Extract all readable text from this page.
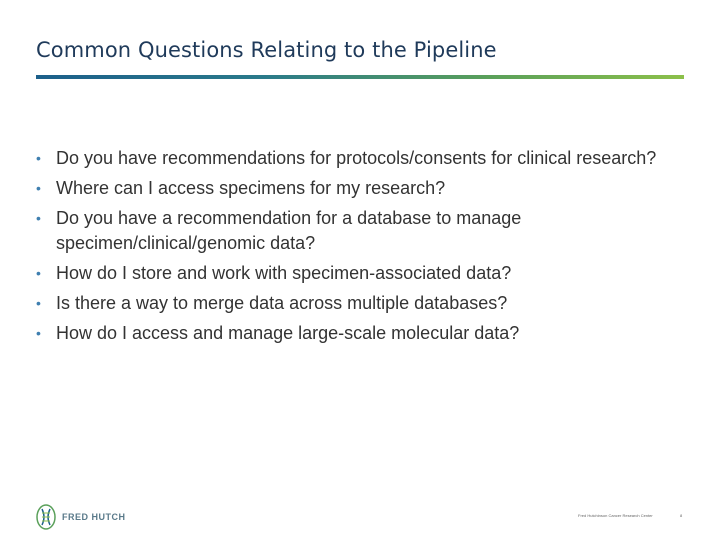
Common Questions Relating to the Pipeline
• Do you have recommendations for protocols/consents for clinical research?
• Where can I access specimens for my research?
• Do you have a recommendation for a database to manage specimen/clinical/genomic data?
• How do I store and work with specimen-associated data?
• Is there a way to merge data across multiple databases?
• How do I access and manage large-scale molecular data?
FRED HUTCH	Fred Hutchinson Cancer Research Center	8
